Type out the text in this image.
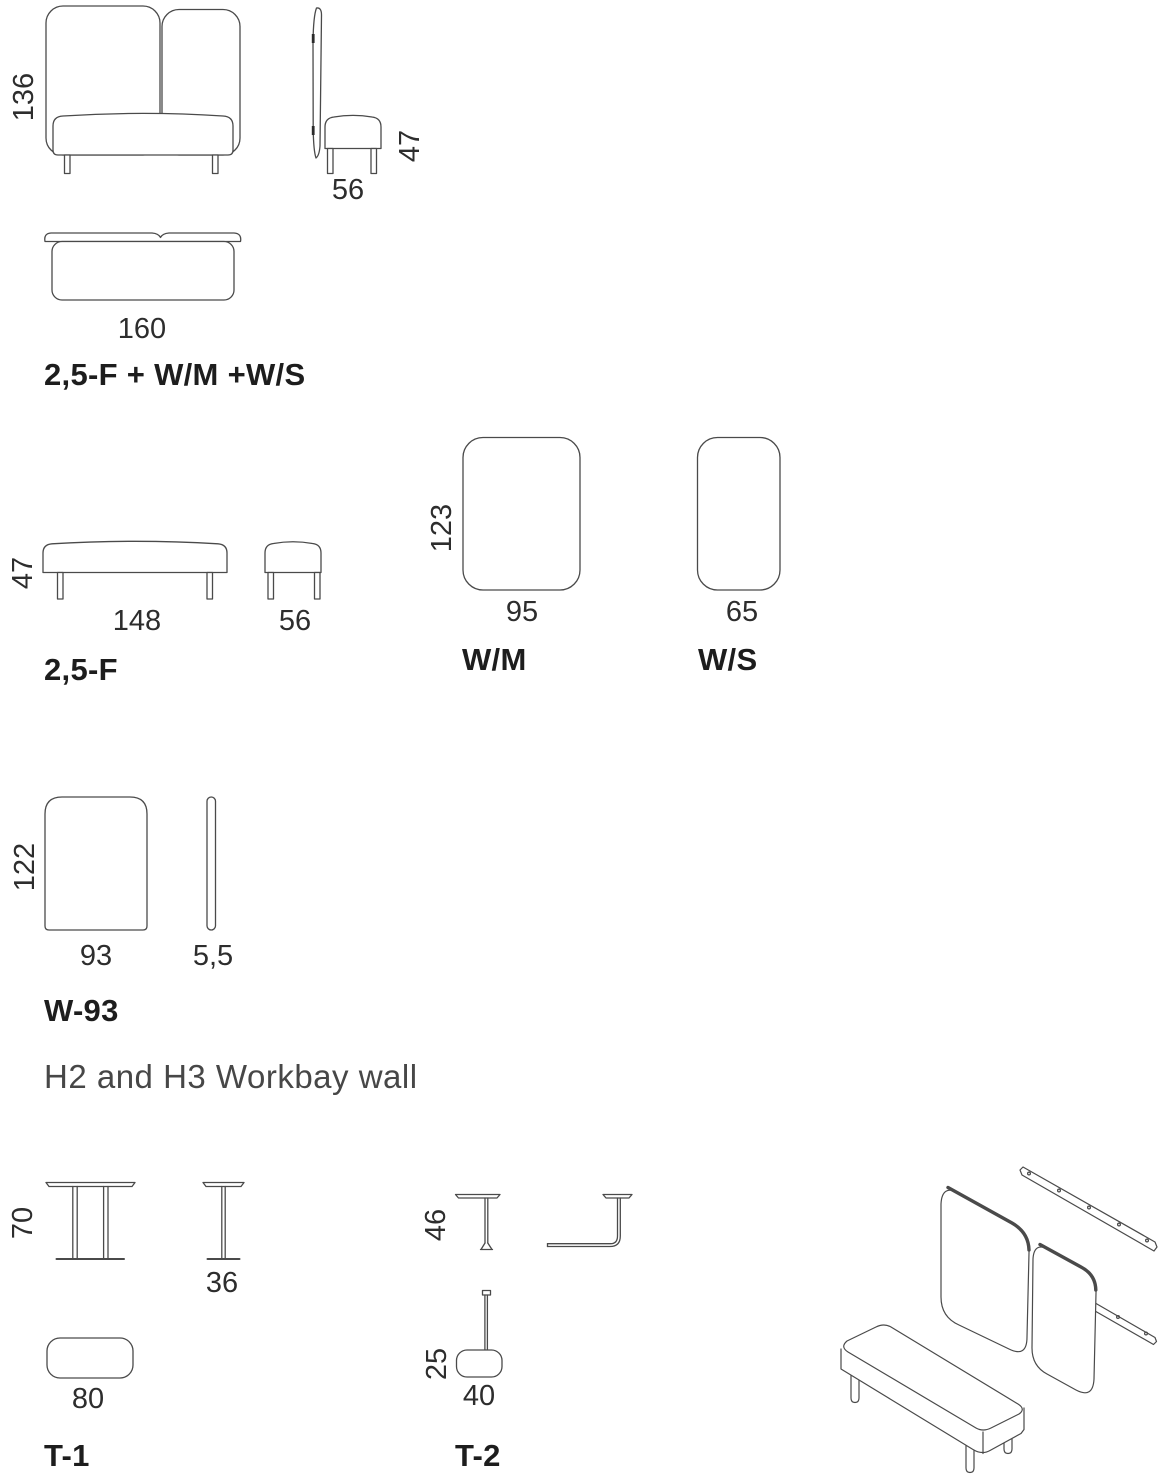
136
47
56
160
2,5-F + W/M +W/S
47
148	56
2,5-F
123
95
W/M
65
W/S
122
93	5,5
W-93
H2 and H3 Workbay wall
70
36
80
T-1
46
25
40
T-2
